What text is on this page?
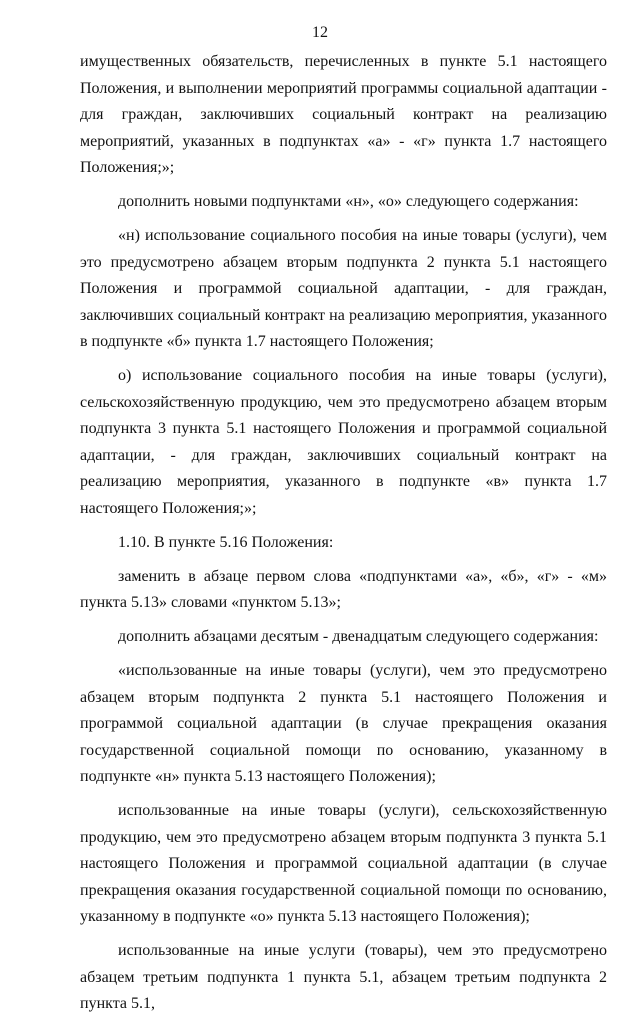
12

имущественных обязательств, перечисленных в пункте 5.1 настоящего Положения, и выполнении мероприятий программы социальной адаптации - для граждан, заключивших социальный контракт на реализацию мероприятий, указанных в подпунктах «а» - «г» пункта 1.7 настоящего Положения;»;

дополнить новыми подпунктами «н», «о» следующего содержания:

«н) использование социального пособия на иные товары (услуги), чем это предусмотрено абзацем вторым подпункта 2 пункта 5.1 настоящего Положения и программой социальной адаптации, - для граждан, заключивших социальный контракт на реализацию мероприятия, указанного в подпункте «б» пункта 1.7 настоящего Положения;

о) использование социального пособия на иные товары (услуги), сельскохозяйственную продукцию, чем это предусмотрено абзацем вторым подпункта 3 пункта 5.1 настоящего Положения и программой социальной адаптации, - для граждан, заключивших социальный контракт на реализацию мероприятия, указанного в подпункте «в» пункта 1.7 настоящего Положения;»;

1.10. В пункте 5.16 Положения:

заменить в абзаце первом слова «подпунктами «а», «б», «г» - «м» пункта 5.13» словами «пунктом 5.13»;

дополнить абзацами десятым - двенадцатым следующего содержания:

«использованные на иные товары (услуги), чем это предусмотрено абзацем вторым подпункта 2 пункта 5.1 настоящего Положения и программой социальной адаптации (в случае прекращения оказания государственной социальной помощи по основанию, указанному в подпункте «н» пункта 5.13 настоящего Положения);

использованные на иные товары (услуги), сельскохозяйственную продукцию, чем это предусмотрено абзацем вторым подпункта 3 пункта 5.1 настоящего Положения и программой социальной адаптации (в случае прекращения оказания государственной социальной помощи по основанию, указанному в подпункте «о» пункта 5.13 настоящего Положения);

использованные на иные услуги (товары), чем это предусмотрено абзацем третьим подпункта 1 пункта 5.1, абзацем третьим подпункта 2 пункта 5.1,
